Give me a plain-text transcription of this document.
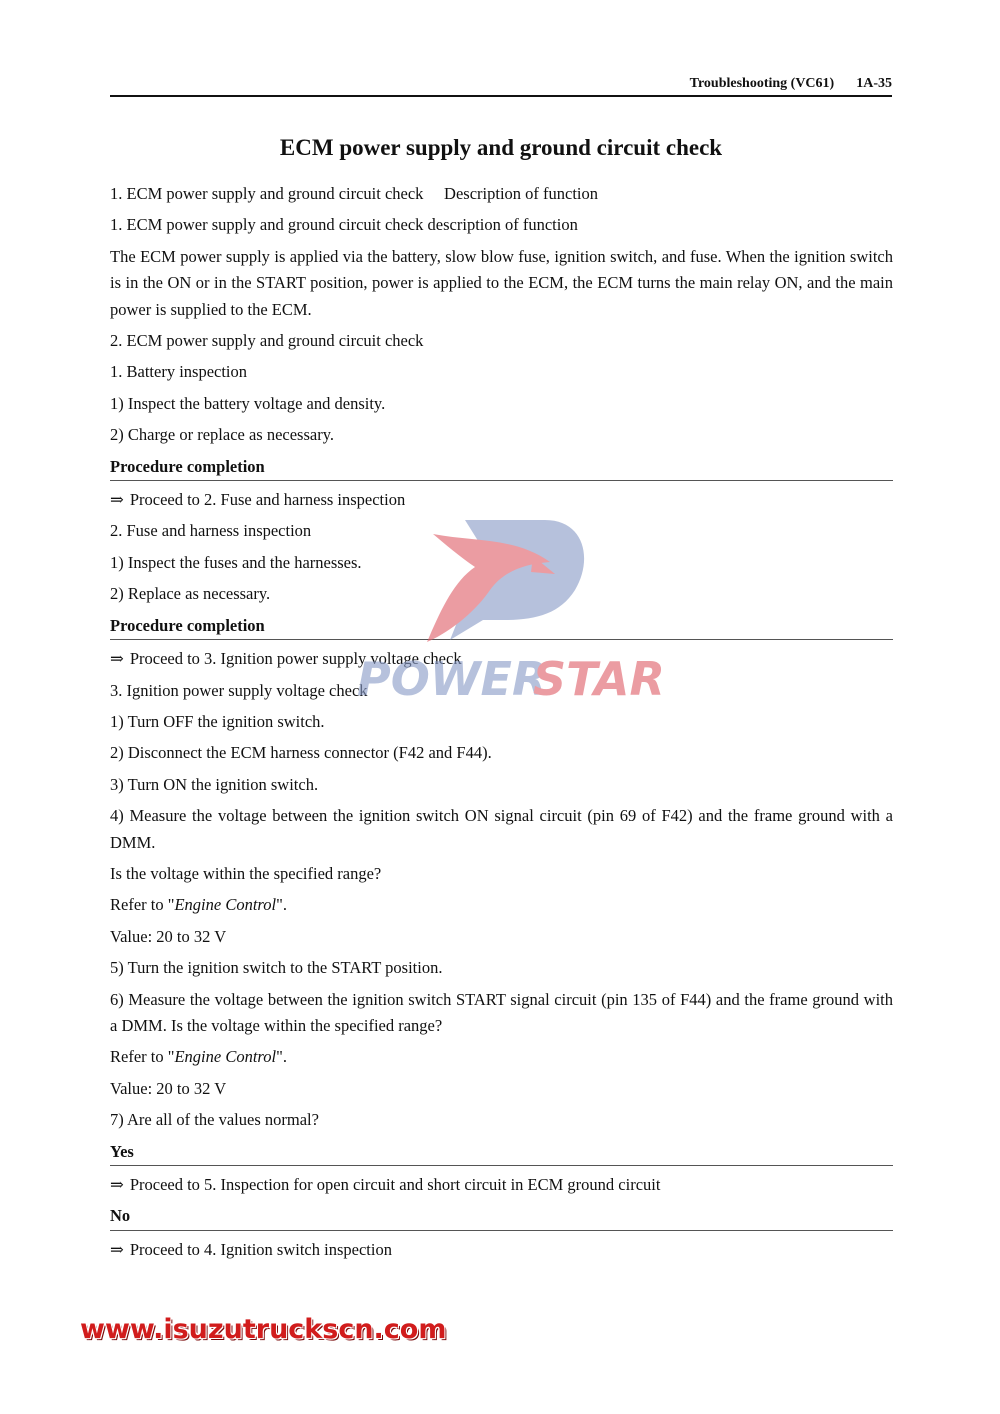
Troubleshooting (VC61) 1A-35
ECM power supply and ground circuit check

1. ECM power supply and ground circuit check  Description of function

1. ECM power supply and ground circuit check description of function

The ECM power supply is applied via the battery, slow blow fuse, ignition switch, and fuse. When the ignition switch is in the ON or in the START position, power is applied to the ECM, the ECM turns the main relay ON, and the main power is supplied to the ECM.

2. ECM power supply and ground circuit check

1. Battery inspection

1) Inspect the battery voltage and density.

2) Charge or replace as necessary.

Procedure completion

⇒ Proceed to 2. Fuse and harness inspection

2. Fuse and harness inspection

1) Inspect the fuses and the harnesses.

2) Replace as necessary.

Procedure completion

⇒ Proceed to 3. Ignition power supply voltage check

3. Ignition power supply voltage check

1) Turn OFF the ignition switch.

2) Disconnect the ECM harness connector (F42 and F44).

3) Turn ON the ignition switch.

4) Measure the voltage between the ignition switch ON signal circuit (pin 69 of F42) and the frame ground with a DMM.

Is the voltage within the specified range?

Refer to "Engine Control".

Value: 20 to 32 V

5) Turn the ignition switch to the START position.

6) Measure the voltage between the ignition switch START signal circuit (pin 135 of F44) and the frame ground with a DMM. Is the voltage within the specified range?

Refer to "Engine Control".

Value: 20 to 32 V

7) Are all of the values normal?

Yes

⇒ Proceed to 5. Inspection for open circuit and short circuit in ECM ground circuit

No

⇒ Proceed to 4. Ignition switch inspection

POWER
STAR
www.isuzutruckscn.com
